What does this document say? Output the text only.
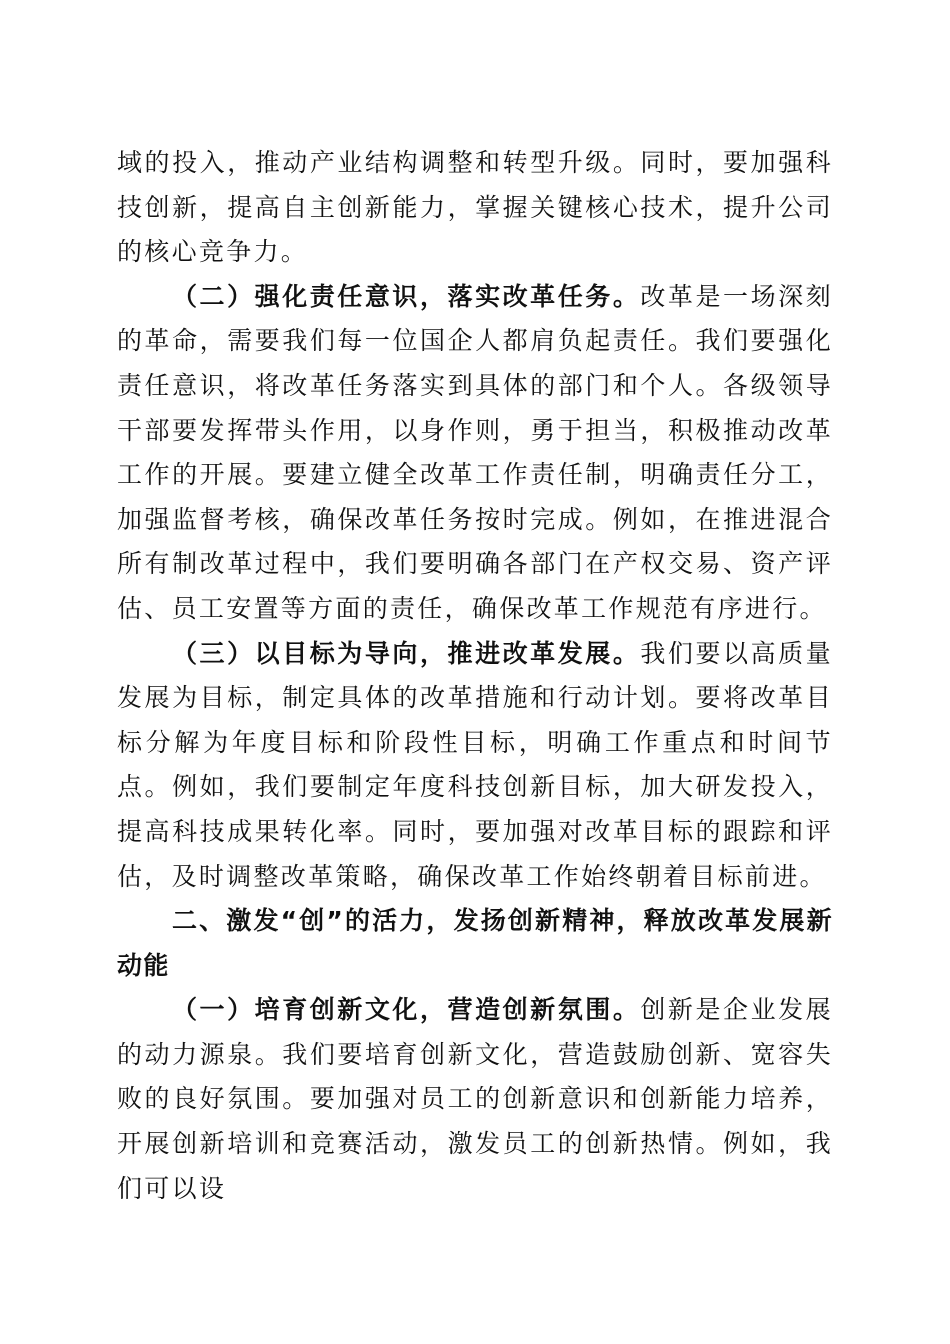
域的投入，推动产业结构调整和转型升级。同时，要加强科技创新，提高自主创新能力，掌握关键核心技术，提升公司的核心竞争力。

（二）强化责任意识，落实改革任务。改革是一场深刻的革命，需要我们每一位国企人都肩负起责任。我们要强化责任意识，将改革任务落实到具体的部门和个人。各级领导干部要发挥带头作用，以身作则，勇于担当，积极推动改革工作的开展。要建立健全改革工作责任制，明确责任分工，加强监督考核，确保改革任务按时完成。例如，在推进混合所有制改革过程中，我们要明确各部门在产权交易、资产评估、员工安置等方面的责任，确保改革工作规范有序进行。

（三）以目标为导向，推进改革发展。我们要以高质量发展为目标，制定具体的改革措施和行动计划。要将改革目标分解为年度目标和阶段性目标，明确工作重点和时间节点。例如，我们要制定年度科技创新目标，加大研发投入，提高科技成果转化率。同时，要加强对改革目标的跟踪和评估，及时调整改革策略，确保改革工作始终朝着目标前进。

二、激发“创”的活力，发扬创新精神，释放改革发展新动能

（一）培育创新文化，营造创新氛围。创新是企业发展的动力源泉。我们要培育创新文化，营造鼓励创新、宽容失败的良好氛围。要加强对员工的创新意识和创新能力培养，开展创新培训和竞赛活动，激发员工的创新热情。例如，我们可以设
